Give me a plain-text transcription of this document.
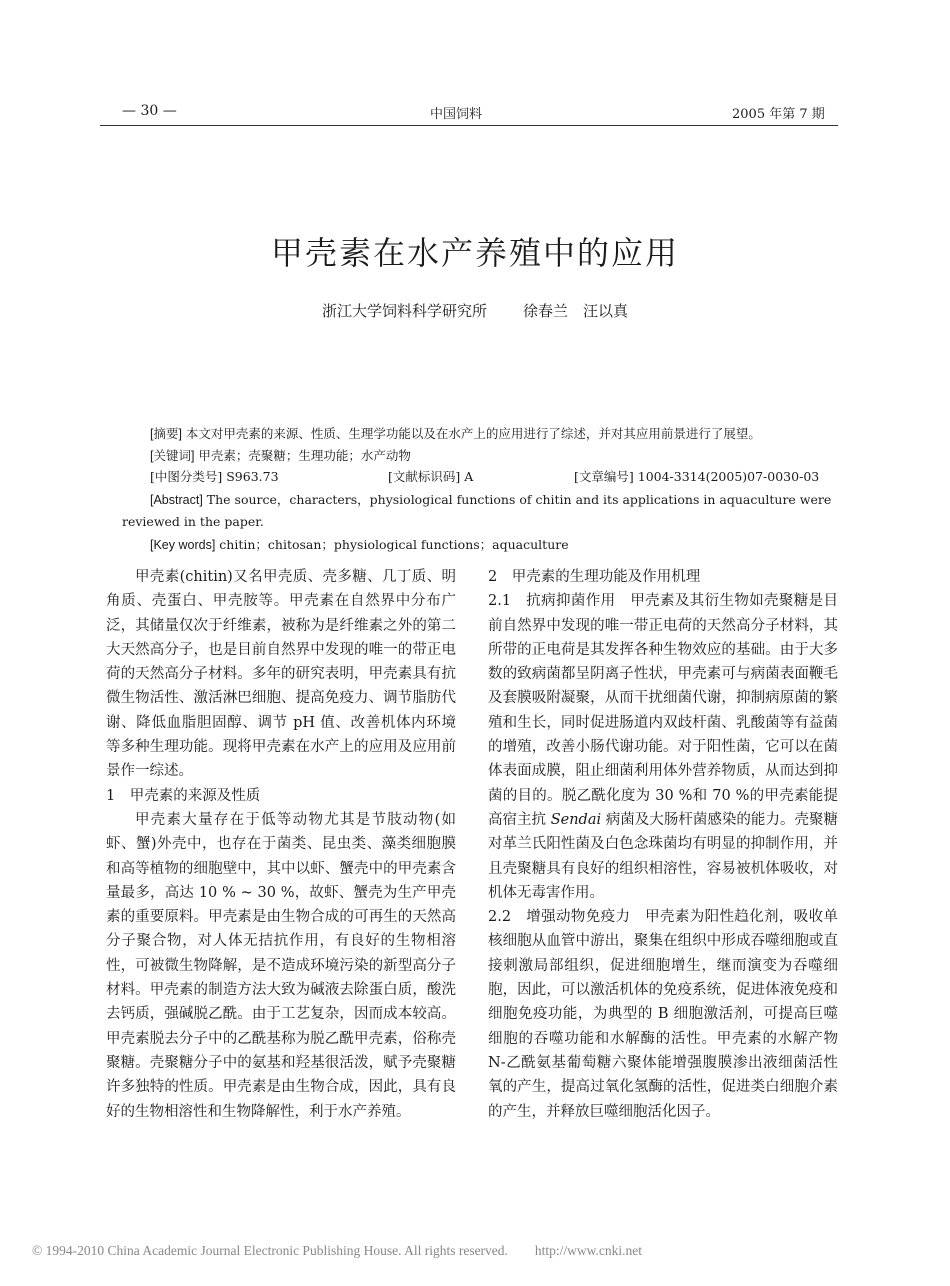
— 30 —	中国饲料	2005 年第 7 期
甲壳素在水产养殖中的应用
浙江大学饲料科学研究所 徐春兰　汪以真
[摘要] 本文对甲壳素的来源、性质、生理学功能以及在水产上的应用进行了综述，并对其应用前景进行了展望。
[关键词] 甲壳素；壳聚糖；生理功能；水产动物
[中图分类号] S963.73	[文献标识码] A	[文章编号] 1004-3314(2005)07-0030-03
[Abstract] The source，characters，physiological functions of chitin and its applications in aquaculture were reviewed in the paper.
[Key words] chitin；chitosan；physiological functions；aquaculture

甲壳素(chitin)又名甲壳质、壳多糖、几丁质、明角质、壳蛋白、甲壳胺等。甲壳素在自然界中分布广泛，其储量仅次于纤维素，被称为是纤维素之外的第二大天然高分子，也是目前自然界中发现的唯一的带正电荷的天然高分子材料。多年的研究表明，甲壳素具有抗微生物活性、激活淋巴细胞、提高免疫力、调节脂肪代谢、降低血脂胆固醇、调节 pH 值、改善机体内环境等多种生理功能。现将甲壳素在水产上的应用及应用前景作一综述。

1　甲壳素的来源及性质

甲壳素大量存在于低等动物尤其是节肢动物(如虾、蟹)外壳中，也存在于菌类、昆虫类、藻类细胞膜和高等植物的细胞壁中，其中以虾、蟹壳中的甲壳素含量最多，高达 10 % ~ 30 %，故虾、蟹壳为生产甲壳素的重要原料。甲壳素是由生物合成的可再生的天然高分子聚合物，对人体无拮抗作用，有良好的生物相溶性，可被微生物降解，是不造成环境污染的新型高分子材料。甲壳素的制造方法大致为碱液去除蛋白质，酸洗去钙质，强碱脱乙酰。由于工艺复杂，因而成本较高。甲壳素脱去分子中的乙酰基称为脱乙酰甲壳素，俗称壳聚糖。壳聚糖分子中的氨基和羟基很活泼，赋予壳聚糖许多独特的性质。甲壳素是由生物合成，因此，具有良好的生物相溶性和生物降解性，利于水产养殖。

2　甲壳素的生理功能及作用机理

2.1　抗病抑菌作用　甲壳素及其衍生物如壳聚糖是目前自然界中发现的唯一带正电荷的天然高分子材料，其所带的正电荷是其发挥各种生物效应的基础。由于大多数的致病菌都呈阴离子性状，甲壳素可与病菌表面鞭毛及套膜吸附凝聚，从而干扰细菌代谢，抑制病原菌的繁殖和生长，同时促进肠道内双歧杆菌、乳酸菌等有益菌的增殖，改善小肠代谢功能。对于阳性菌，它可以在菌体表面成膜，阻止细菌利用体外营养物质，从而达到抑菌的目的。脱乙酰化度为 30 %和 70 %的甲壳素能提高宿主抗 Sendai 病菌及大肠杆菌感染的能力。壳聚糖对革兰氏阳性菌及白色念珠菌均有明显的抑制作用，并且壳聚糖具有良好的组织相溶性，容易被机体吸收，对机体无毒害作用。

2.2　增强动物免疫力　甲壳素为阳性趋化剂，吸收单核细胞从血管中游出，聚集在组织中形成吞噬细胞或直接刺激局部组织，促进细胞增生，继而演变为吞噬细胞，因此，可以激活机体的免疫系统，促进体液免疫和细胞免疫功能，为典型的 B 细胞激活剂，可提高巨噬细胞的吞噬功能和水解酶的活性。甲壳素的水解产物 N-乙酰氨基葡萄糖六聚体能增强腹膜渗出液细菌活性氧的产生，提高过氧化氢酶的活性，促进类白细胞介素的产生，并释放巨噬细胞活化因子。

© 1994-2010 China Academic Journal Electronic Publishing House. All rights reserved.　　http://www.cnki.net
